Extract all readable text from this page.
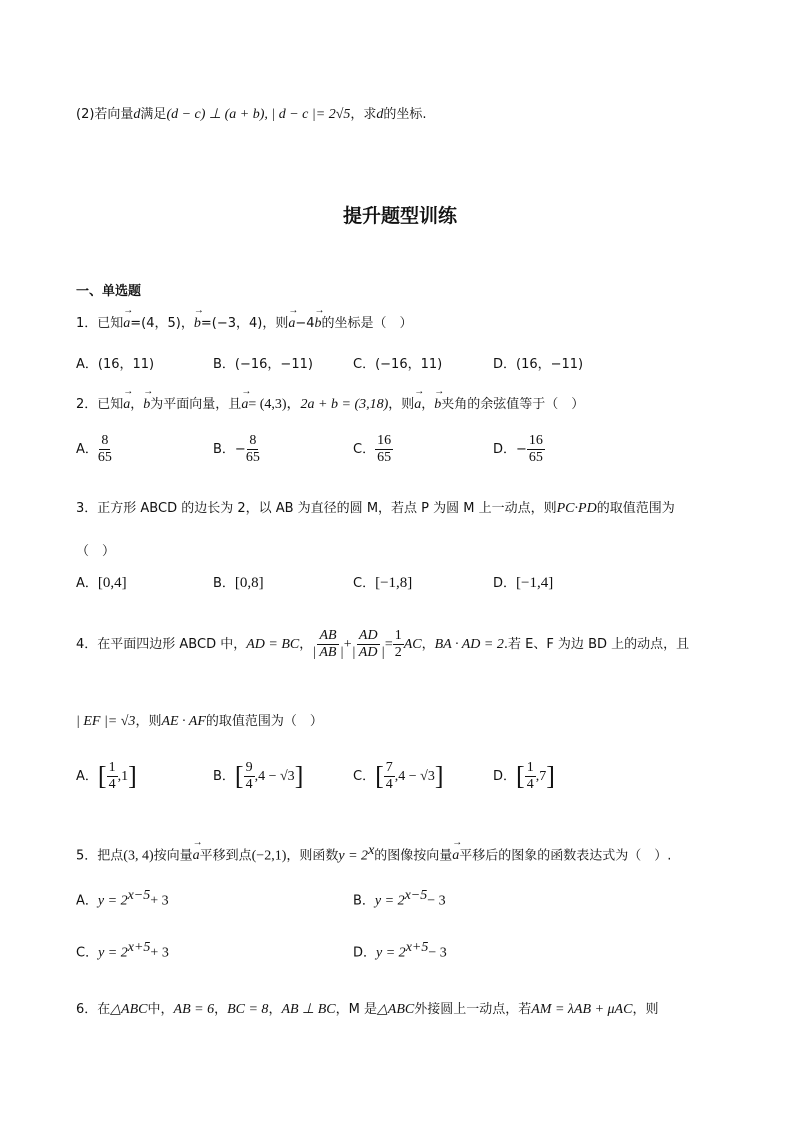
(2)若向量d满足(d − c) ⊥ (a + b), | d − c |= 2√5，求d的坐标.
提升题型训练
一、单选题
1．已知→ a=(4，5)，→ b=(−3，4)，则→ a−4→ b的坐标是（　）
A．(16，11)	B．(−16，−11)	C．(−16，11)	D．(16，−11)
2．已知→ a，→ b为平面向量，且→ a= (4,3)，2a + b = (3,18)，则→ a，→ b夹角的余弦值等于（　）
A． $\frac{8}{65}$	B．− $\frac{8}{65}$	C． $\frac{16}{65}$	D．− $\frac{16}{65}$
3．正方形 ABCD 的边长为 2，以 AB 为直径的圆 M，若点 P 为圆 M 上一动点，则PC·PD的取值范围为
（　）
A．[0,4]	B．[0,8]	C．[−1,8]	D．[−1,4]
4．在平面四边形 ABCD 中，AD = BC， $\frac{AB}{| AB |} + \frac{AD}{| AD |} = \frac{1}{2}$ AC，BA · AD = 2.若 E、F 为边 BD 上的动点，且
| EF |= √3，则AE · AF的取值范围为（　）
A．[ $\frac{1}{4} ,1$]	B．[ $\frac{9}{4} ,4 - √3$]	C．[ $\frac{7}{4} ,4 - √3$]	D．[ $\frac{1}{4} ,7$]
5．把点(3, 4)按向量→ a平移到点(−2,1)，则函数$y = 2^x$的图像按向量→ a平移后的图象的函数表达式为（　）.
A．$y = 2^{x-5}+ 3$	B．$y = 2^{x-5}- 3$
C．$y = 2^{x+5}+ 3$	D．$y = 2^{x+5}- 3$
6．在△ABC中，AB = 6，BC = 8，AB ⊥ BC，M 是△ABC外接圆上一动点，若AM = λAB + μAC，则
